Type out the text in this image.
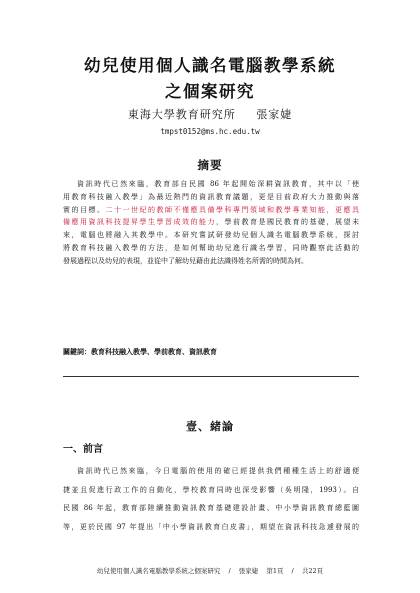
幼兒使用個人識名電腦教學系統
之個案研究
東海大學教育研究所 張家婕
tmpst0152@ms.hc.edu.tw
摘要
資訊時代已然來臨，教育部自民國 86 年起開始深耕資訊教育，其中以「使
用教育科技融入教學」為最近熱門的資訊教育議題，更是目前政府大力推動與落
實的目標。二十一世紀的教師不僅應具備學科專門領域和教學專業知能，更應具
備應用資訊科技提昇學生學習成效的能力，學前教育是國民教育的基礎，展望未
來，電腦也將融入其教學中。本研究嘗試研發幼兒個人識名電腦教學系統，探討
將教育科技融入教學的方法，是如何幫助幼兒進行識名學習，同時觀察此活動的
發展過程以及幼兒的表現，並從中了解幼兒藉由此法識得姓名所需的時間為何。
關鍵詞：教育科技融入教學、學前教育、資訊教育
壹、緒論
一、前言
資訊時代已然來臨，今日電腦的使用的確已經提供我們種種生活上的舒適便
捷並且促進行政工作的自動化，學校教育同時也深受影響（吳明隆，1993）。自
民國 86 年起，教育部陸續推動資訊教育基礎建設計畫、中小學資訊教育總藍圖
等，更於民國 97 年提出「中小學資訊教育白皮書」，期望在資訊科技急遽發展的
幼兒使用個人識名電腦教學系統之個案研究 / 張家婕 第1頁 / 共22頁
